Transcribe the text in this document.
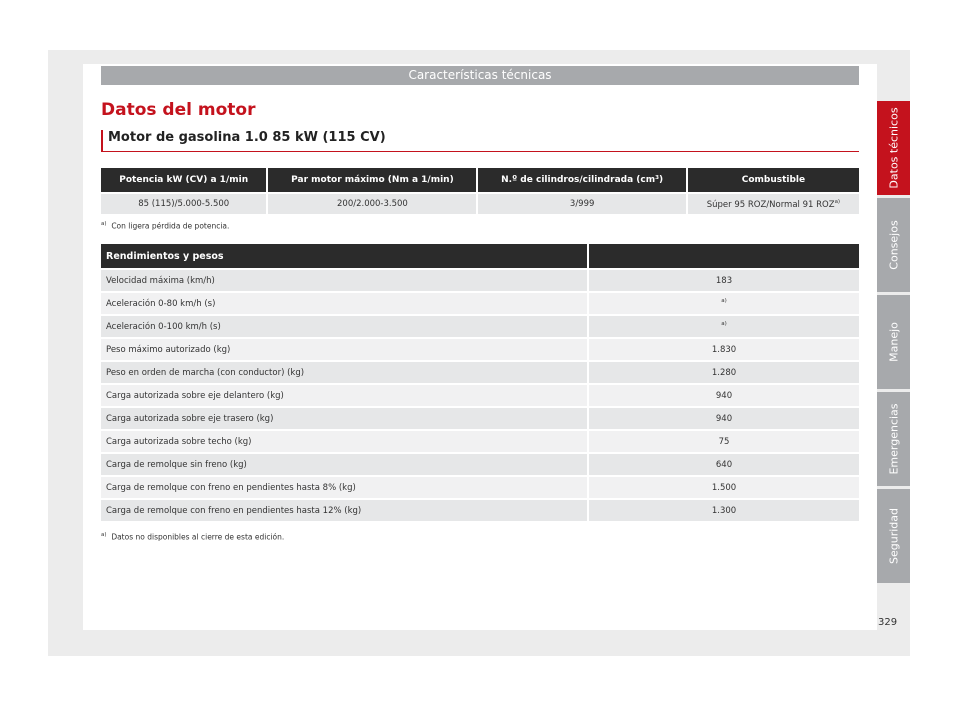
Características técnicas
Datos del motor
Motor de gasolina 1.0 85 kW (115 CV)
Potencia kW (CV) a 1/min	Par motor máximo (Nm a 1/min)	N.º de cilindros/cilindrada (cm³)	Combustible
85 (115)/5.000-5.500	200/2.000-3.500	3/999	Súper 95 ROZ/Normal 91 ROZ$^{a)}$
$^{a)}$ Con ligera pérdida de potencia.
Rendimientos y pesos	
Velocidad máxima (km/h)	183
Aceleración 0-80 km/h (s)	$^{a)}$
Aceleración 0-100 km/h (s)	$^{a)}$
Peso máximo autorizado (kg)	1.830
Peso en orden de marcha (con conductor) (kg)	1.280
Carga autorizada sobre eje delantero (kg)	940
Carga autorizada sobre eje trasero (kg)	940
Carga autorizada sobre techo (kg)	75
Carga de remolque sin freno (kg)	640
Carga de remolque con freno en pendientes hasta 8% (kg)	1.500
Carga de remolque con freno en pendientes hasta 12% (kg)	1.300
$^{a)}$ Datos no disponibles al cierre de esta edición.
Datos técnicos
Consejos
Manejo
Emergencias
Seguridad
329
